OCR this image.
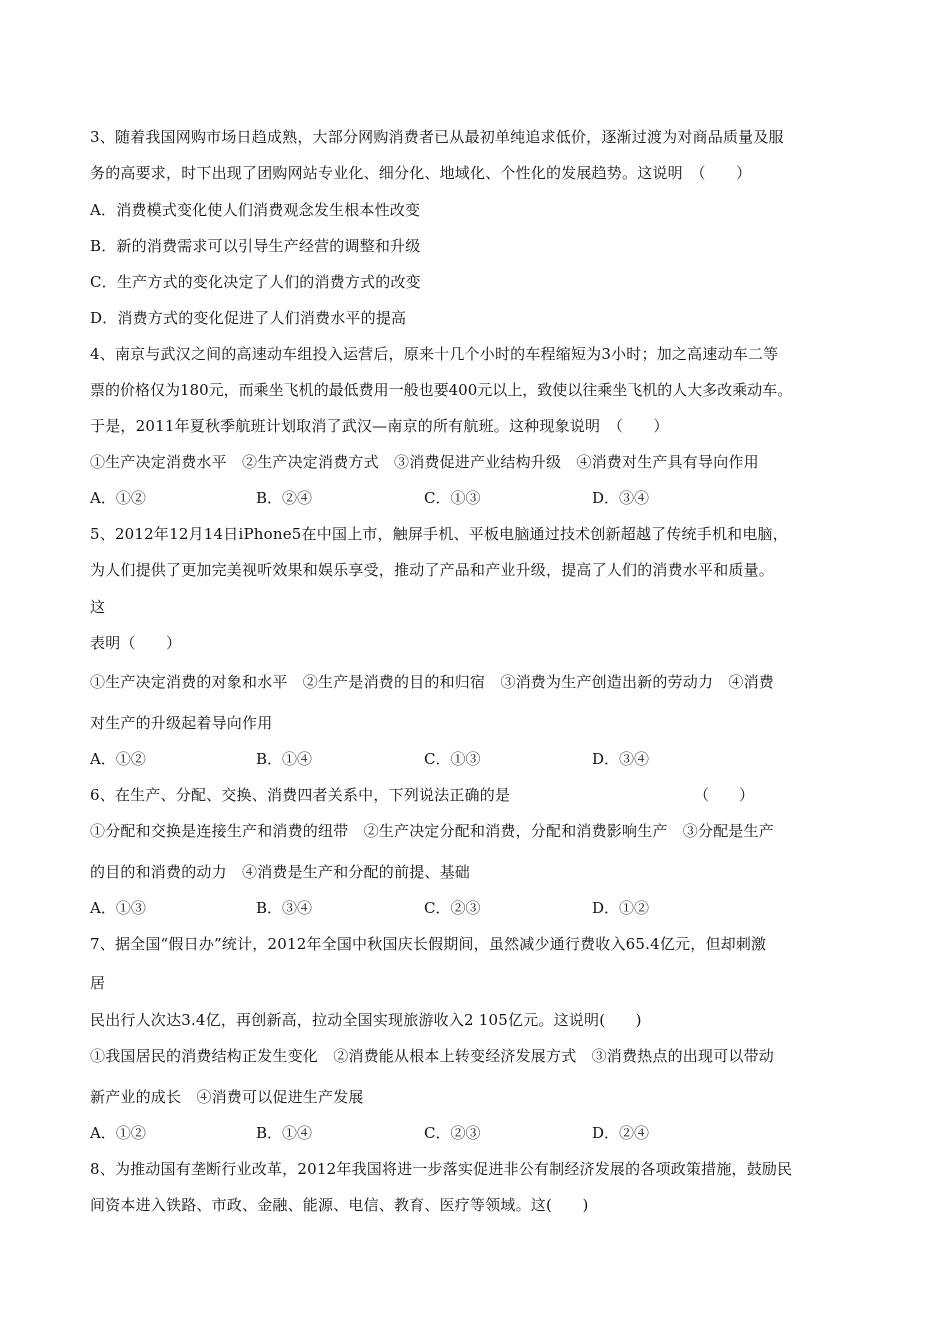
3、随着我国网购市场日趋成熟，大部分网购消费者已从最初单纯追求低价，逐渐过渡为对商品质量及服
务的高要求，时下出现了团购网站专业化、细分化、地域化、个性化的发展趋势。这说明　（　　）
A．消费模式变化使人们消费观念发生根本性改变
B．新的消费需求可以引导生产经营的调整和升级
C．生产方式的变化决定了人们的消费方式的改变
D．消费方式的变化促进了人们消费水平的提高
4、南京与武汉之间的高速动车组投入运营后，原来十几个小时的车程缩短为3小时；加之高速动车二等
票的价格仅为180元，而乘坐飞机的最低费用一般也要400元以上，致使以往乘坐飞机的人大多改乘动车。
于是，2011年夏秋季航班计划取消了武汉—南京的所有航班。这种现象说明　（　　）
①生产决定消费水平　②生产决定消费方式　③消费促进产业结构升级　④消费对生产具有导向作用
A．①②	B．②④	C．①③	D．③④
5、2012年12月14日iPhone5在中国上市，触屏手机、平板电脑通过技术创新超越了传统手机和电脑，
为人们提供了更加完美视听效果和娱乐享受，推动了产品和产业升级，提高了人们的消费水平和质量。
这
表明（　　）
①生产决定消费的对象和水平　②生产是消费的目的和归宿　③消费为生产创造出新的劳动力　④消费
对生产的升级起着导向作用
A．①②	B．①④	C．①③	D．③④
6、在生产、分配、交换、消费四者关系中，下列说法正确的是	（　　）
①分配和交换是连接生产和消费的纽带　②生产决定分配和消费，分配和消费影响生产　③分配是生产
的目的和消费的动力　④消费是生产和分配的前提、基础
A．①③	B．③④	C．②③	D．①②
7、据全国“假日办”统计，2012年全国中秋国庆长假期间，虽然减少通行费收入65.4亿元，但却刺激
居
民出行人次达3.4亿，再创新高，拉动全国实现旅游收入2 105亿元。这说明(　　)
①我国居民的消费结构正发生变化　②消费能从根本上转变经济发展方式　③消费热点的出现可以带动
新产业的成长　④消费可以促进生产发展
A．①②	B．①④	C．②③	D．②④
8、为推动国有垄断行业改革，2012年我国将进一步落实促进非公有制经济发展的各项政策措施，鼓励民
间资本进入铁路、市政、金融、能源、电信、教育、医疗等领域。这(　　)
